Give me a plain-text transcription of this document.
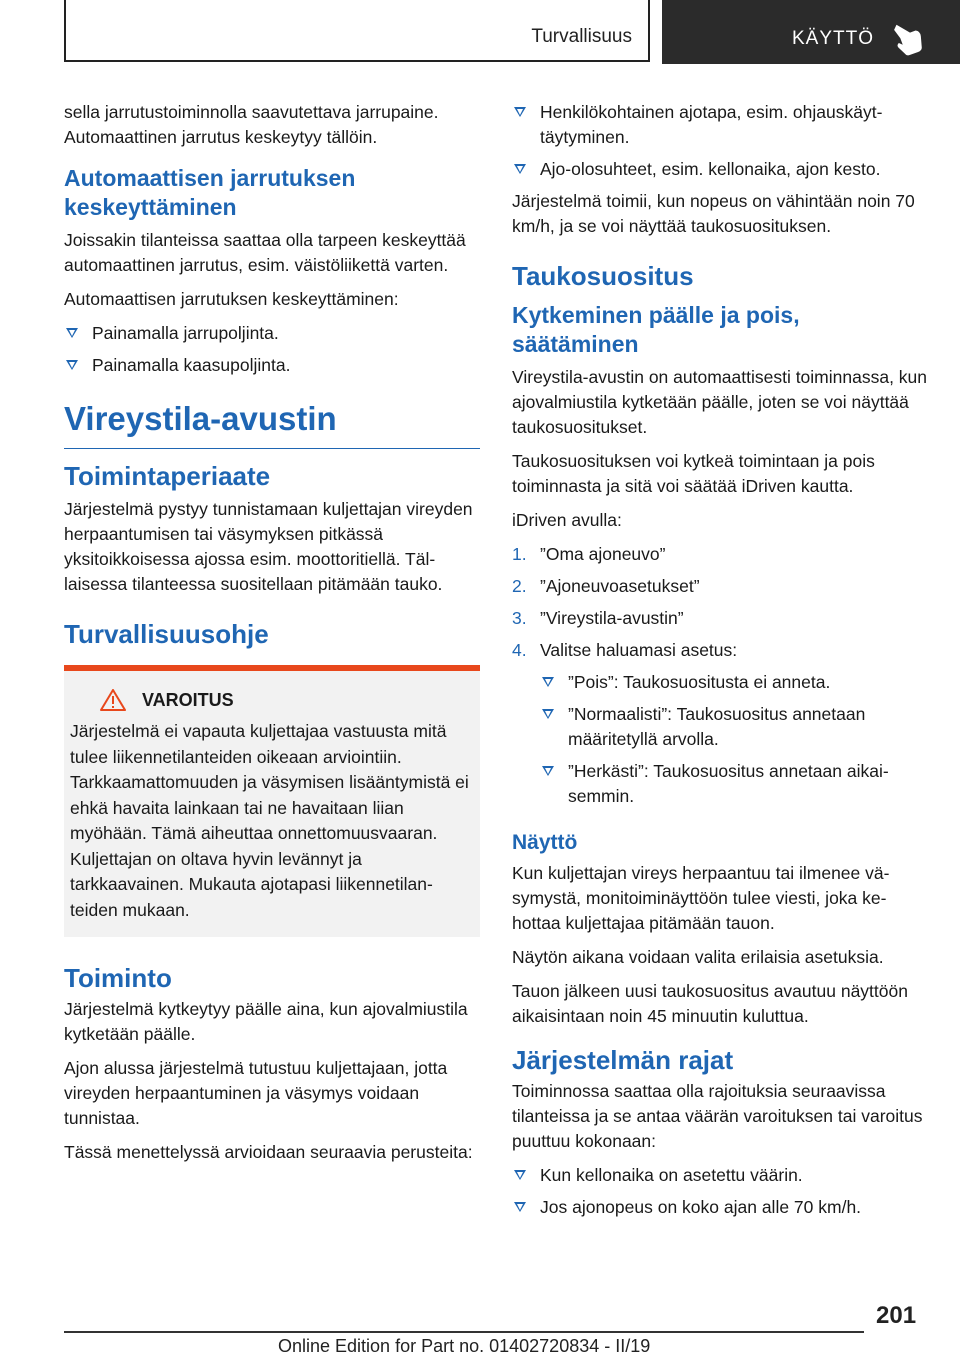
Turvallisuus	KÄYTTÖ

sella jarrutustoiminnolla saavutettava jarrupaine. Automaattinen jarrutus keskeytyy tällöin.

Automaattisen jarrutuksen keskeyttäminen

Joissakin tilanteissa saattaa olla tarpeen keskeyttää automaattinen jarrutus, esim. väistöliikettä varten.

Automaattisen jarrutuksen keskeyttäminen:

Painamalla jarrupoljinta.
Painamalla kaasupoljinta.
Vireystila-avustin
Toimintaperiaate

Järjestelmä pystyy tunnistamaan kuljettajan vireyden herpaantumisen tai väsymyksen pitkässä yksitoikkoisessa ajossa esim. moottoritiellä. Tällaisessa tilanteessa suositellaan pitämään tauko.

Turvallisuusohje
VAROITUS

Järjestelmä ei vapauta kuljettajaa vastuusta mitä tulee liikennetilanteiden oikeaan arviointiin. Tarkkaamattomuuden ja väsymisen lisääntymistä ei ehkä havaita lainkaan tai ne havaitaan liian myöhään. Tämä aiheuttaa onnettomuusvaaran. Kuljettajan on oltava hyvin levännyt ja tarkkaavainen. Mukauta ajotapasi liikennetilanteiden mukaan.

Toiminto

Järjestelmä kytkeytyy päälle aina, kun ajovalmiustila kytketään päälle.

Ajon alussa järjestelmä tutustuu kuljettajaan, jotta vireyden herpaantuminen ja väsymys voidaan tunnistaa.

Tässä menettelyssä arvioidaan seuraavia perusteita:

Henkilökohtainen ajotapa, esim. ohjauskäyttäytyminen.
Ajo-olosuhteet, esim. kellonaika, ajon kesto.

Järjestelmä toimii, kun nopeus on vähintään noin 70 km/h, ja se voi näyttää taukosuosituksen.

Taukosuositus
Kytkeminen päälle ja pois, säätäminen

Vireystila-avustin on automaattisesti toiminnassa, kun ajovalmiustila kytketään päälle, joten se voi näyttää taukosuositukset.

Taukosuosituksen voi kytkeä toimintaan ja pois toiminnasta ja sitä voi säätää iDriven kautta.

iDriven avulla:

1. ”Oma ajoneuvo”
2. ”Ajoneuvoasetukset”
3. ”Vireystila-avustin”
4. Valitse haluamasi asetus:
”Pois”: Taukosuositusta ei anneta.
”Normaalisti”: Taukosuositus annetaan määritetyllä arvolla.
”Herkästi”: Taukosuositus annetaan aikaisemmin.
Näyttö

Kun kuljettajan vireys herpaantuu tai ilmenee väsymystä, monitoiminäyttöön tulee viesti, joka kehottaa kuljettajaa pitämään tauon.

Näytön aikana voidaan valita erilaisia asetuksia.

Tauon jälkeen uusi taukosuositus avautuu näyttöön aikaisintaan noin 45 minuutin kuluttua.

Järjestelmän rajat

Toiminnossa saattaa olla rajoituksia seuraavissa tilanteissa ja se antaa väärän varoituksen tai varoitus puuttuu kokonaan:

Kun kellonaika on asetettu väärin.
Jos ajonopeus on koko ajan alle 70 km/h.
201
Online Edition for Part no. 01402720834 - II/19
